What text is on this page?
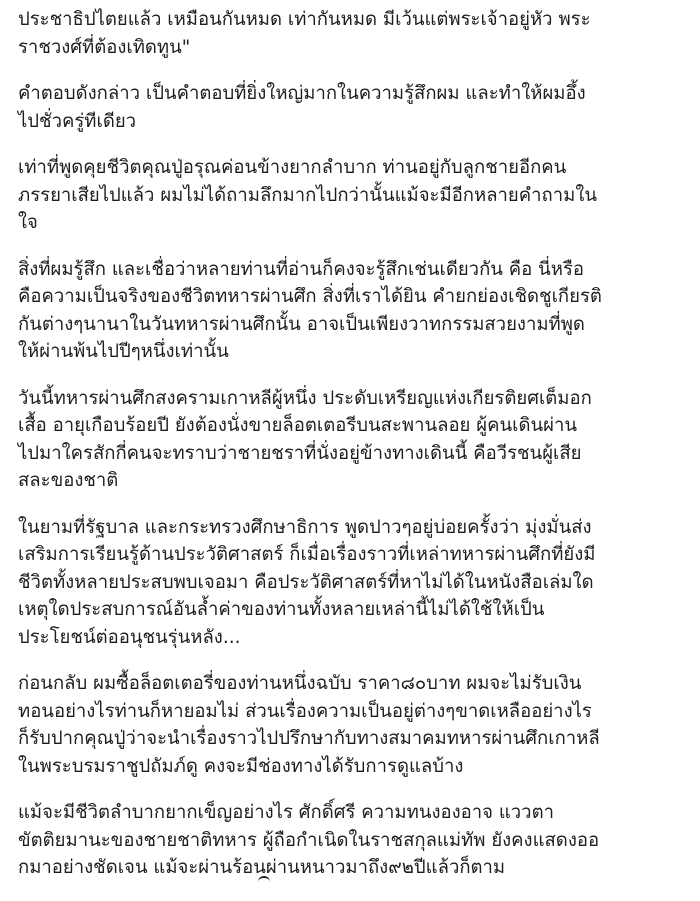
ประชาธิปไตยแล้ว เหมือนกันหมด เท่ากันหมด มีเว้นแต่พระเจ้าอยู่หัว พระ
ราชวงศ์ที่ต้องเทิดทูน"

คำตอบดังกล่าว เป็นคำตอบที่ยิ่งใหญ่มากในความรู้สึกผม และทำให้ผมอึ้ง
ไปชั่วครู่ทีเดียว

เท่าที่พูดคุยชีวิตคุณปู่อรุณค่อนข้างยากลำบาก ท่านอยู่กับลูกชายอีกคน
ภรรยาเสียไปแล้ว ผมไม่ได้ถามลึกมากไปกว่านั้นแม้จะมีอีกหลายคำถามใน
ใจ

สิ่งที่ผมรู้สึก และเชื่อว่าหลายท่านที่อ่านก็คงจะรู้สึกเช่นเดียวกัน คือ นี่หรือ
คือความเป็นจริงของชีวิตทหารผ่านศึก สิ่งที่เราได้ยิน คำยกย่องเชิดชูเกียรติ
กันต่างๆนานาในวันทหารผ่านศึกนั้น อาจเป็นเพียงวาทกรรมสวยงามที่พูด
ให้ผ่านพ้นไปปีๆหนึ่งเท่านั้น

วันนี้ทหารผ่านศึกสงครามเกาหลีผู้หนึ่ง ประดับเหรียญแห่งเกียรติยศเต็มอก
เสื้อ อายุเกือบร้อยปี ยังต้องนั่งขายล็อตเตอรีบนสะพานลอย ผู้คนเดินผ่าน
ไปมาใครสักกี่คนจะทราบว่าชายชราที่นั่งอยู่ข้างทางเดินนี้ คือวีรชนผู้เสีย
สละของชาติ

ในยามที่รัฐบาล และกระทรวงศึกษาธิการ พูดปาวๆอยู่บ่อยครั้งว่า มุ่งมั่นส่ง
เสริมการเรียนรู้ด้านประวัติศาสตร์ ก็เมื่อเรื่องราวที่เหล่าทหารผ่านศึกที่ยังมี
ชีวิตทั้งหลายประสบพบเจอมา คือประวัติศาสตร์ที่หาไม่ได้ในหนังสือเล่มใด
เหตุใดประสบการณ์อันล้ำค่าของท่านทั้งหลายเหล่านี้ไม่ได้ใช้ให้เป็น
ประโยชน์ต่ออนุชนรุ่นหลัง...

ก่อนกลับ ผมซื้อล็อตเตอรี่ของท่านหนึ่งฉบับ ราคา๘๐บาท ผมจะไม่รับเงิน
ทอนอย่างไรท่านก็หายอมไม่ ส่วนเรื่องความเป็นอยู่ต่างๆขาดเหลืออย่างไร
ก็รับปากคุณปู่ว่าจะนำเรื่องราวไปปรึกษากับทางสมาคมทหารผ่านศึกเกาหลี
ในพระบรมราชูปถัมภ์ดู คงจะมีช่องทางได้รับการดูแลบ้าง

แม้จะมีชีวิตลำบากยากเข็ญอย่างไร ศักดิ์ศรี ความทนงองอาจ แววตา
ขัตติยมานะของชายชาติทหาร ผู้ถือกำเนิดในราชสกุลแม่ทัพ ยังคงแสดงออ
กมาอย่างชัดเจน แม้จะผ่านร้อนผ่านหนาวมาถึง๙๒ปีแล้วก็ตาม
